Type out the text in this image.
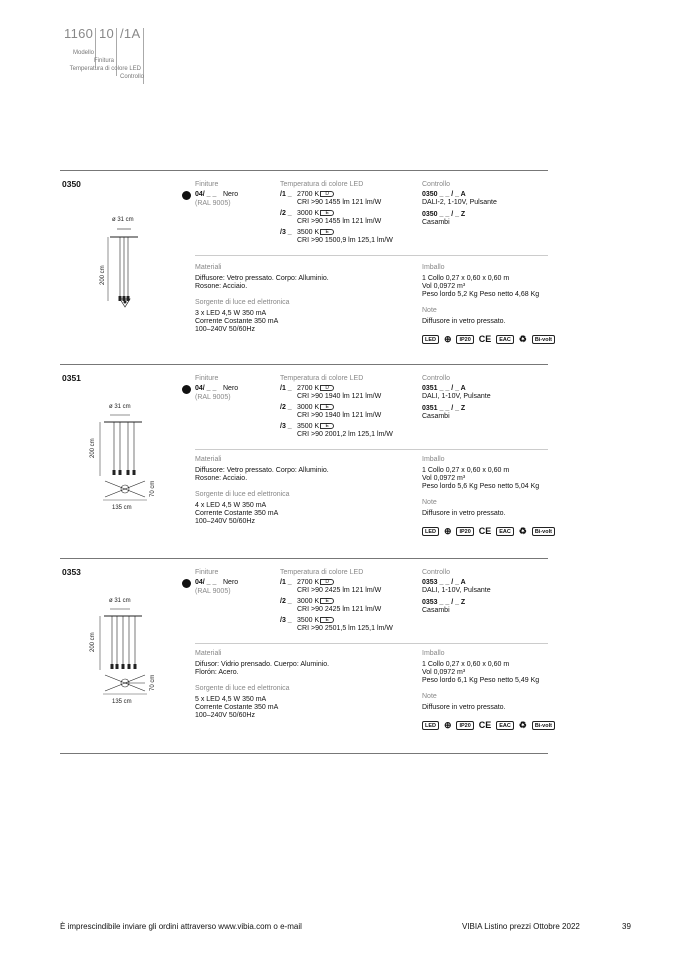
1160 10 /1A
Modello
Finitura
Temperatura di colore LED
Controllo
0350
ø 31 cm
200 cm
Finiture
04/ _ _ Nero
(RAL 9005)
Temperatura di colore LED
/1 _ 2700 K D
CRI >90 1455 lm 121 lm/W
/2 _ 3000 K E
CRI >90 1455 lm 121 lm/W
/3 _ 3500 K E
CRI >90 1500,9 lm 125,1 lm/W
Controllo
0350 _ _ / _ A
DALI-2, 1-10V, Pulsante
0350 _ _ / _ Z
Casambi
Materiali
Diffusore: Vetro pressato. Corpo: Alluminio.
Rosone: Acciaio.
Sorgente di luce ed elettronica
3 x LED 4,5 W 350 mA
Corrente Costante 350 mA
100–240V 50/60Hz
Imballo
1 Collo 0,27 x 0,60 x 0,60 m
Vol 0,0972 m³
Peso lordo 5,2 Kg Peso netto 4,68 Kg
Note
Diffusore in vetro pressato.
LED ⊕ IP20 CE EAC ♻ Bi-volt
0351
ø 31 cm
200 cm
70 cm
135 cm
Finiture
04/ _ _ Nero
(RAL 9005)
Temperatura di colore LED
/1 _ 2700 K D
CRI >90 1940 lm 121 lm/W
/2 _ 3000 K E
CRI >90 1940 lm 121 lm/W
/3 _ 3500 K E
CRI >90 2001,2 lm 125,1 lm/W
Controllo
0351 _ _ / _ A
DALI, 1-10V, Pulsante
0351 _ _ / _ Z
Casambi
Materiali
Diffusore: Vetro pressato. Corpo: Alluminio.
Rosone: Acciaio.
Sorgente di luce ed elettronica
4 x LED 4,5 W 350 mA
Corrente Costante 350 mA
100–240V 50/60Hz
Imballo
1 Collo 0,27 x 0,60 x 0,60 m
Vol 0,0972 m³
Peso lordo 5,6 Kg Peso netto 5,04 Kg
Note
Diffusore in vetro pressato.
LED ⊕ IP20 CE EAC ♻ Bi-volt
0353
ø 31 cm
200 cm
70 cm
135 cm
Finiture
04/ _ _ Nero
(RAL 9005)
Temperatura di colore LED
/1 _ 2700 K D
CRI >90 2425 lm 121 lm/W
/2 _ 3000 K E
CRI >90 2425 lm 121 lm/W
/3 _ 3500 K E
CRI >90 2501,5 lm 125,1 lm/W
Controllo
0353 _ _ / _ A
DALI, 1-10V, Pulsante
0353 _ _ / _ Z
Casambi
Materiali
Difusor: Vidrio prensado. Cuerpo: Aluminio.
Florón: Acero.
Sorgente di luce ed elettronica
5 x LED 4,5 W 350 mA
Corrente Costante 350 mA
100–240V 50/60Hz
Imballo
1 Collo 0,27 x 0,60 x 0,60 m
Vol 0,0972 m³
Peso lordo 6,1 Kg Peso netto 5,49 Kg
Note
Diffusore in vetro pressato.
LED ⊕ IP20 CE EAC ♻ Bi-volt
È imprescindibile inviare gli ordini attraverso www.vibia.com o e-mail	VIBIA Listino prezzi Ottobre 2022	39
